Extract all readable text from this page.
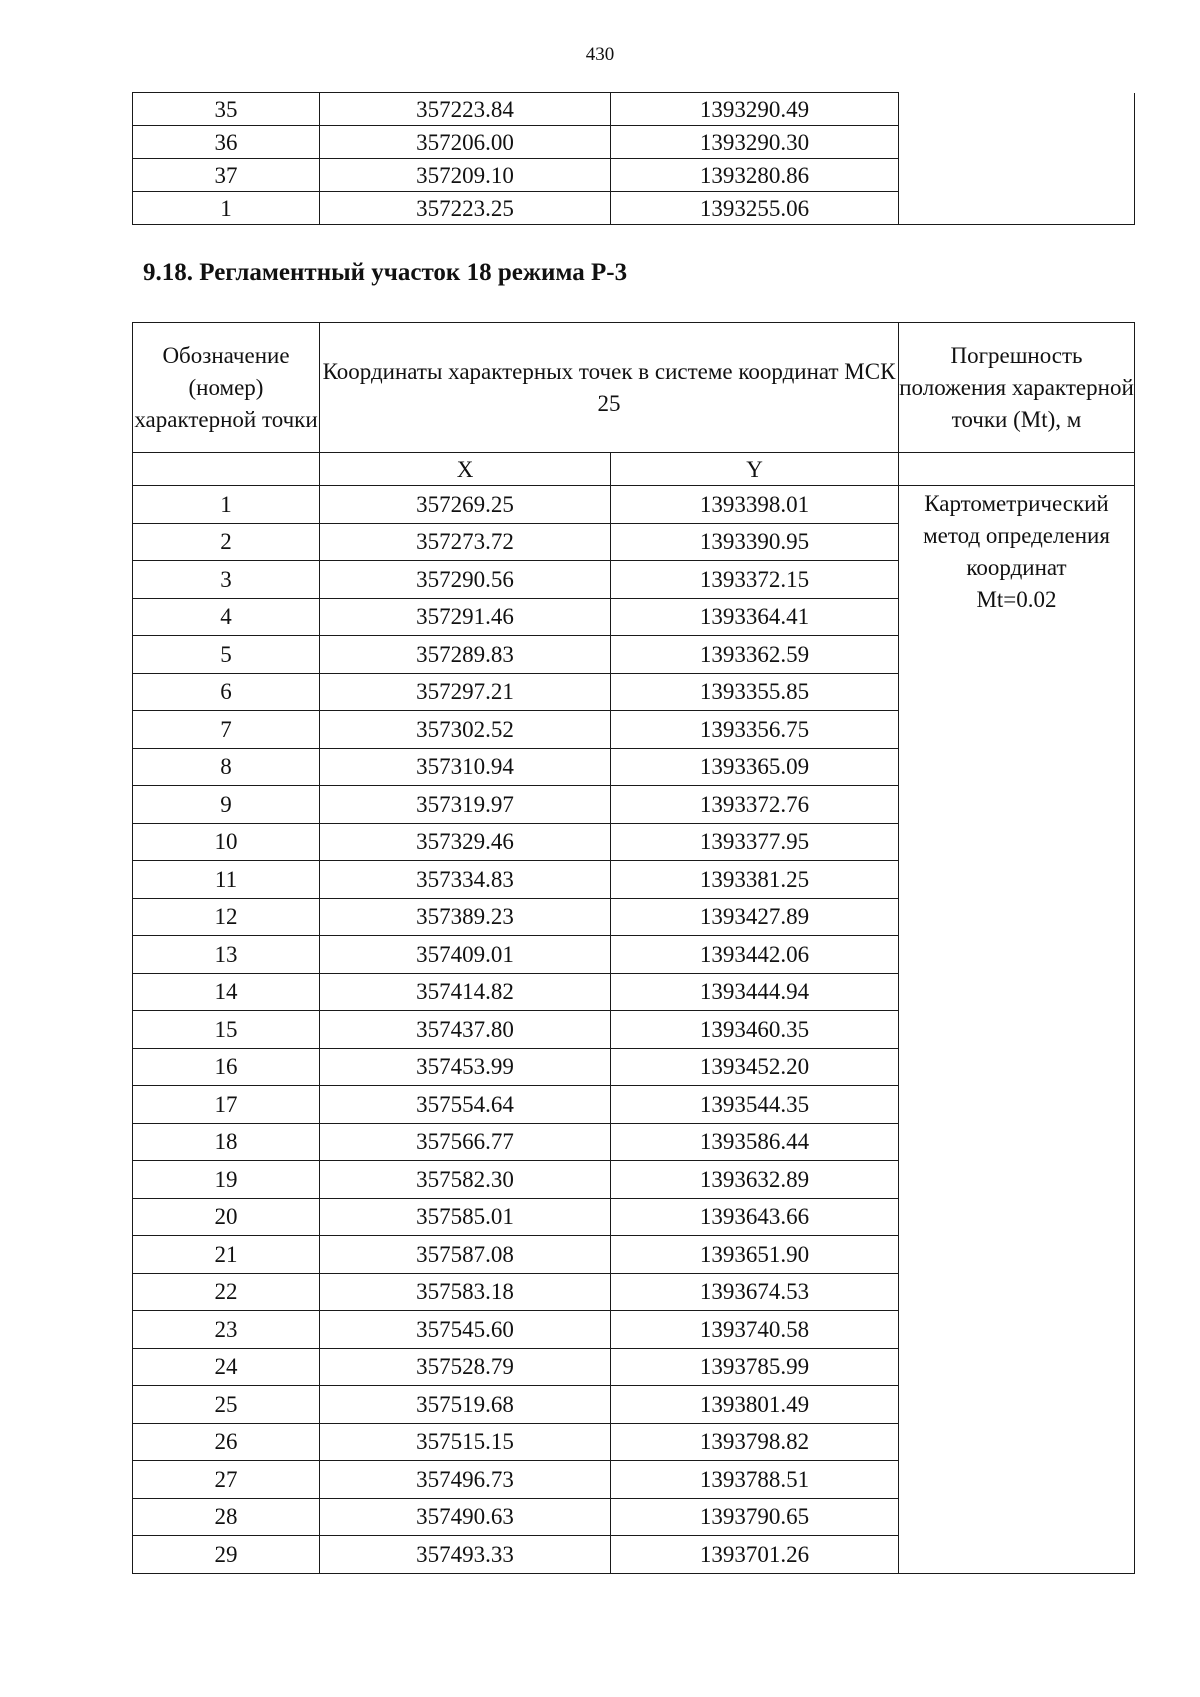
430
35	357223.84	1393290.49	
36	357206.00	1393290.30	
37	357209.10	1393280.86	
1	357223.25	1393255.06	
9.18. Регламентный участок 18 режима Р-3
Обозначение (номер) характерной точки	Координаты характерных точек в системе координат МСК 25		Погрешность положения характерной точки (Mt), м
	X	Y	
1	357269.25	1393398.01	Картометрический
метод определения
координат
Mt=0.02

2	357273.72	1393390.95	
3	357290.56	1393372.15	
4	357291.46	1393364.41	
5	357289.83	1393362.59	
6	357297.21	1393355.85	
7	357302.52	1393356.75	
8	357310.94	1393365.09	
9	357319.97	1393372.76	
10	357329.46	1393377.95	
11	357334.83	1393381.25	
12	357389.23	1393427.89	
13	357409.01	1393442.06	
14	357414.82	1393444.94	
15	357437.80	1393460.35	
16	357453.99	1393452.20	
17	357554.64	1393544.35	
18	357566.77	1393586.44	
19	357582.30	1393632.89	
20	357585.01	1393643.66	
21	357587.08	1393651.90	
22	357583.18	1393674.53	
23	357545.60	1393740.58	
24	357528.79	1393785.99	
25	357519.68	1393801.49	
26	357515.15	1393798.82	
27	357496.73	1393788.51	
28	357490.63	1393790.65	
29	357493.33	1393701.26	
